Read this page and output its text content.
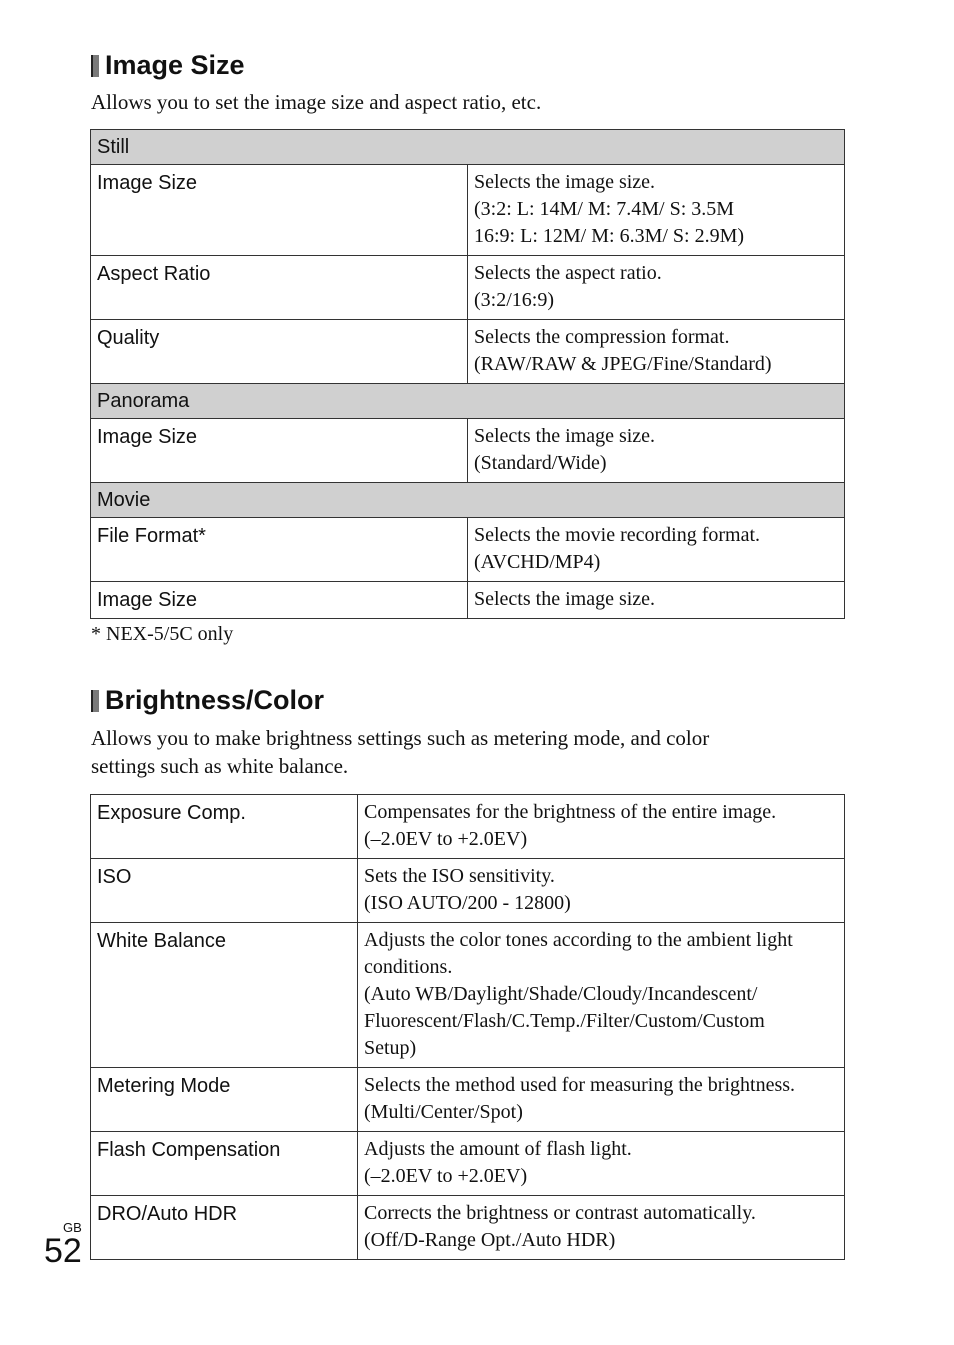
Image Size
Allows you to set the image size and aspect ratio, etc.
Still	
Image Size	Selects the image size.
(3:2: L: 14M/ M: 7.4M/ S: 3.5M
16:9: L: 12M/ M: 6.3M/ S: 2.9M)

Aspect Ratio	Selects the aspect ratio.
(3:2/16:9)

Quality	Selects the compression format.
(RAW/RAW & JPEG/Fine/Standard)

Panorama	
Image Size	Selects the image size.
(Standard/Wide)

Movie	
File Format*	Selects the movie recording format.
(AVCHD/MP4)

Image Size	Selects the image size.
* NEX-5/5C only
Brightness/Color
Allows you to make brightness settings such as metering mode, and color
settings such as white balance.
Exposure Comp.	Compensates for the brightness of the entire image.
(–2.0EV to +2.0EV)

ISO	Sets the ISO sensitivity.
(ISO AUTO/200 - 12800)

White Balance	Adjusts the color tones according to the ambient light
conditions.
(Auto WB/Daylight/Shade/Cloudy/Incandescent/
Fluorescent/Flash/C.Temp./Filter/Custom/Custom
Setup)

Metering Mode	Selects the method used for measuring the brightness.
(Multi/Center/Spot)

Flash Compensation	Adjusts the amount of flash light.
(–2.0EV to +2.0EV)

DRO/Auto HDR	Corrects the brightness or contrast automatically.
(Off/D-Range Opt./Auto HDR)
GB
52
